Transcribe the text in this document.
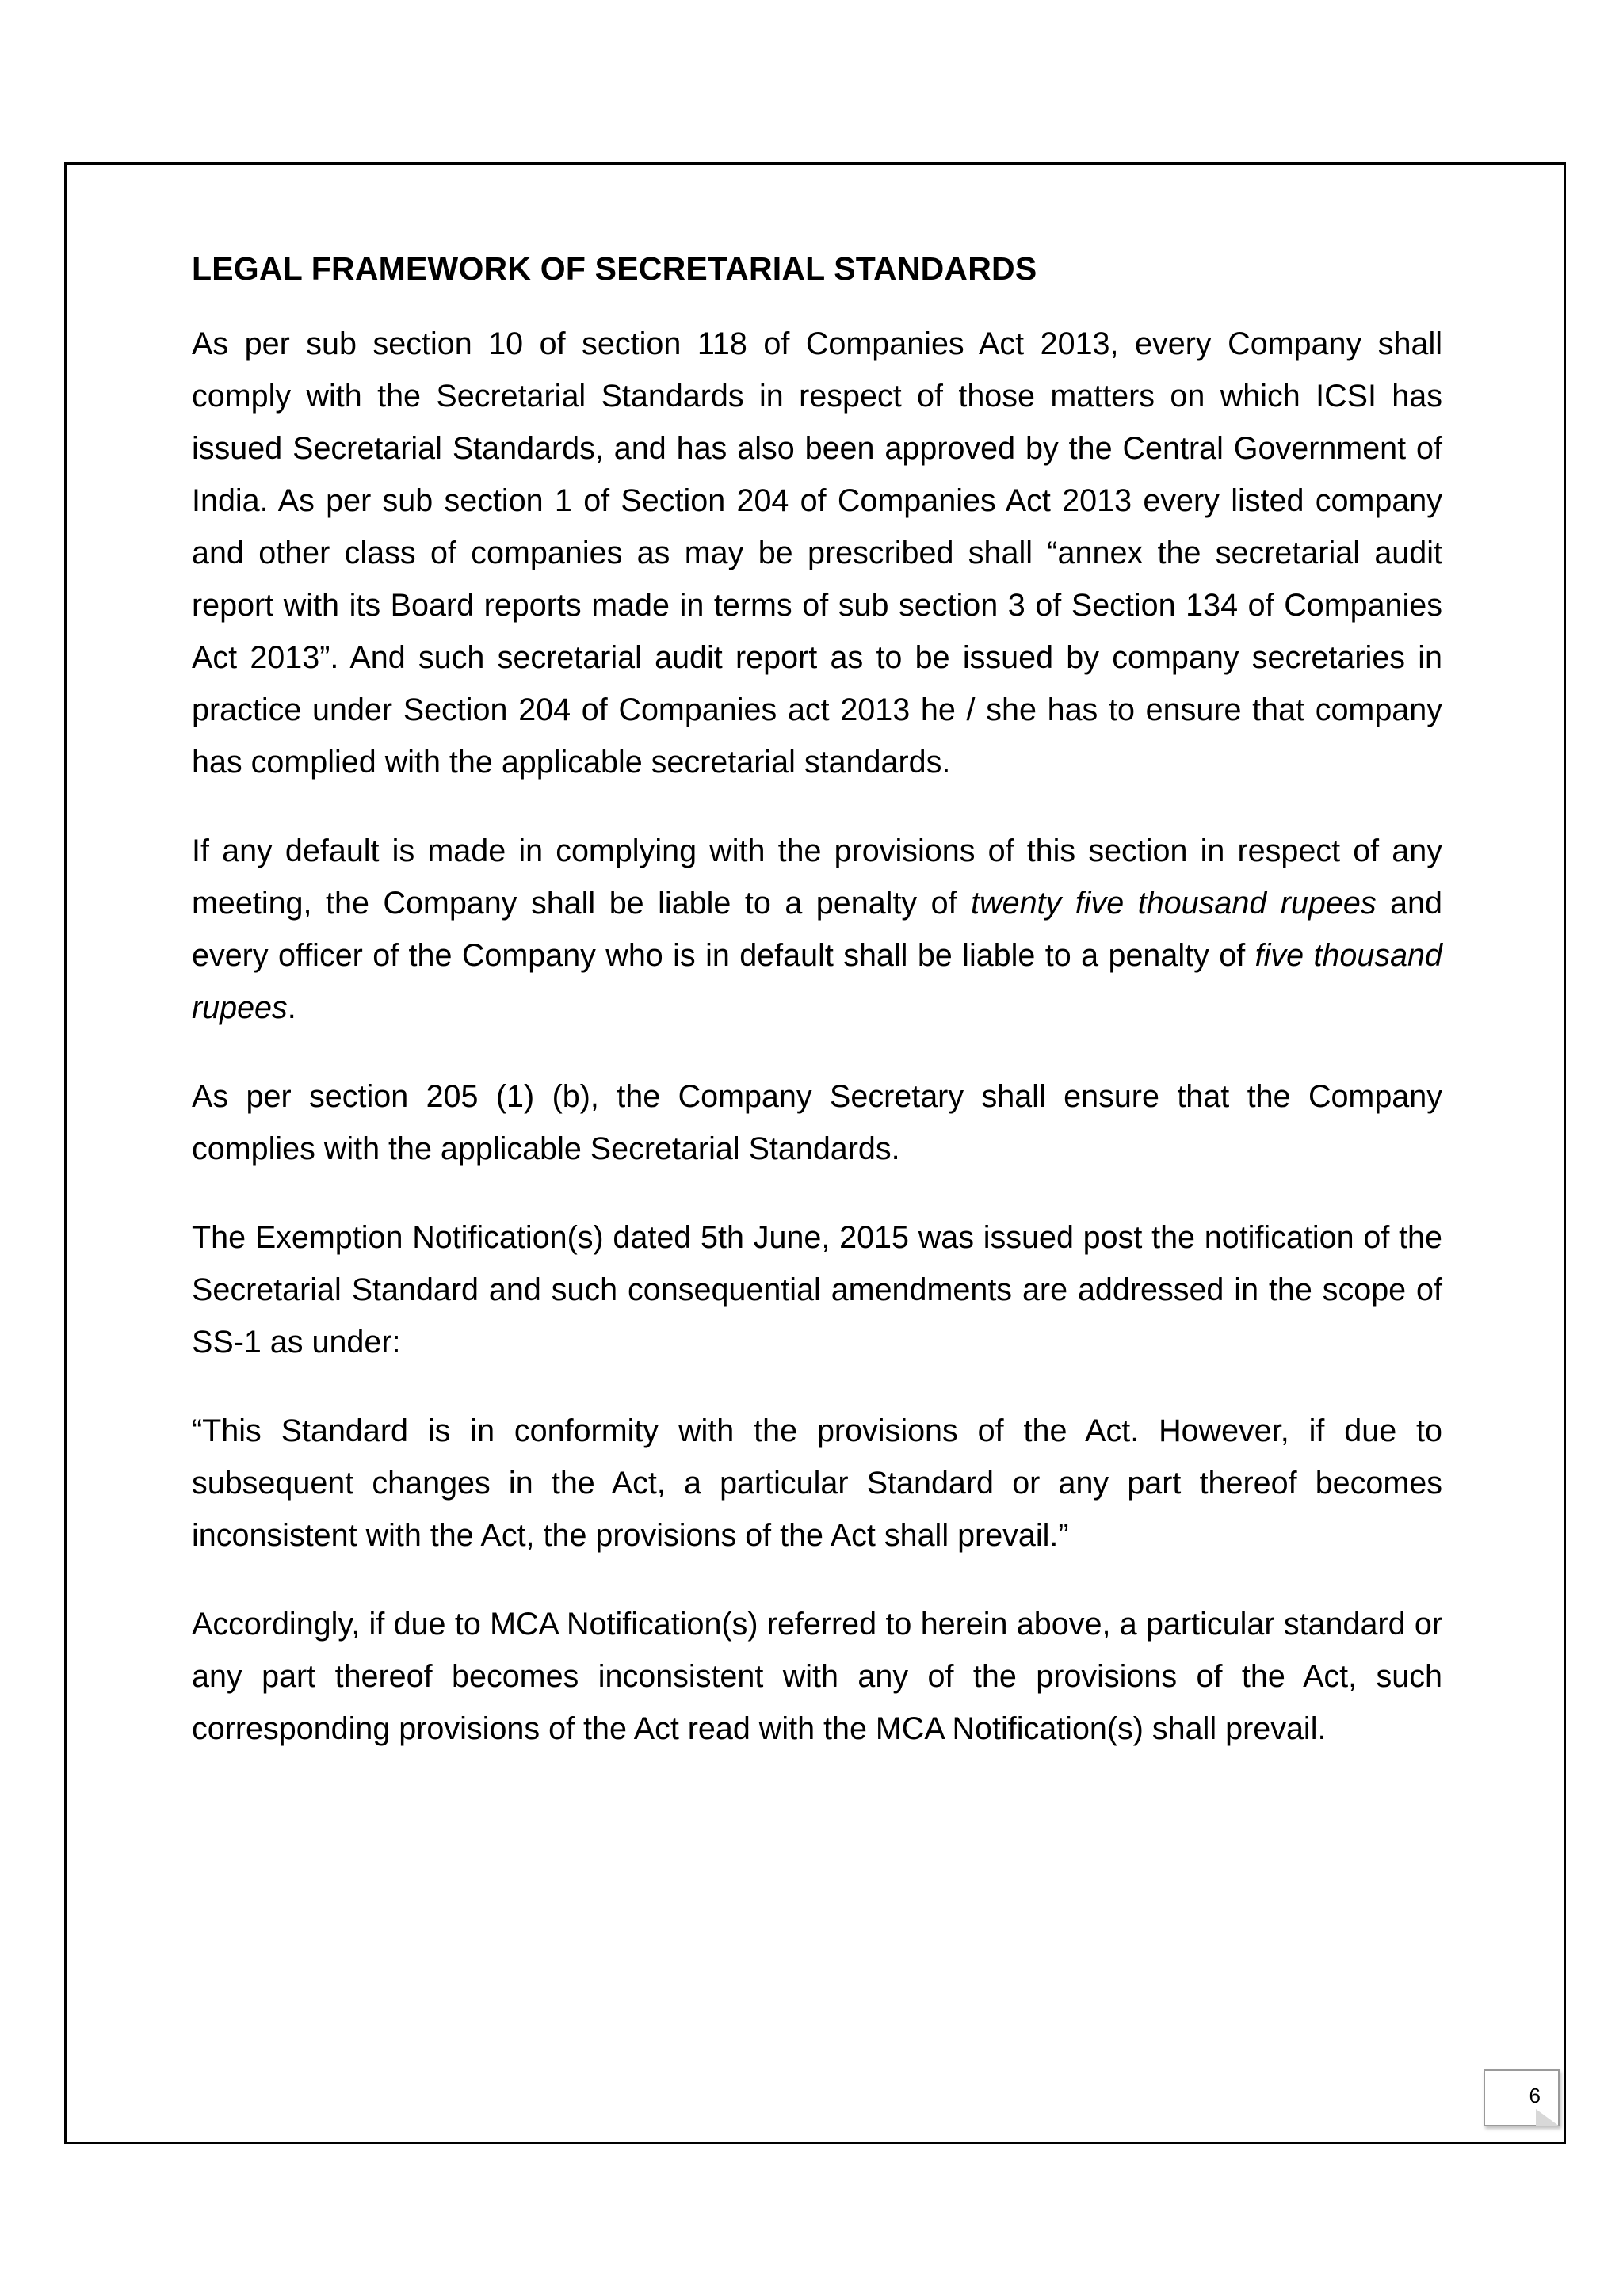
LEGAL FRAMEWORK OF SECRETARIAL STANDARDS

As per sub section 10 of section 118 of Companies Act 2013, every Company shall comply with the Secretarial Standards in respect of those matters on which ICSI has issued Secretarial Standards, and has also been approved by the Central Government of India. As per sub section 1 of Section 204 of Companies Act 2013 every listed company and other class of companies as may be prescribed shall “annex the secretarial audit report with its Board reports made in terms of sub section 3 of Section 134 of Companies Act 2013”. And such secretarial audit report as to be issued by company secretaries in practice under Section 204 of Companies act 2013 he / she has to ensure that company has complied with the applicable secretarial standards.

If any default is made in complying with the provisions of this section in respect of any meeting, the Company shall be liable to a penalty of twenty five thousand rupees and every officer of the Company who is in default shall be liable to a penalty of five thousand rupees.

As per section 205 (1) (b), the Company Secretary shall ensure that the Company complies with the applicable Secretarial Standards.

The Exemption Notification(s) dated 5th June, 2015 was issued post the notification of the Secretarial Standard and such consequential amendments are addressed in the scope of SS-1 as under:

“This Standard is in conformity with the provisions of the Act. However, if due to subsequent changes in the Act, a particular Standard or any part thereof becomes inconsistent with the Act, the provisions of the Act shall prevail.”

Accordingly, if due to MCA Notification(s) referred to herein above, a particular standard or any part thereof becomes inconsistent with any of the provisions of the Act, such corresponding provisions of the Act read with the MCA Notification(s) shall prevail.

6
